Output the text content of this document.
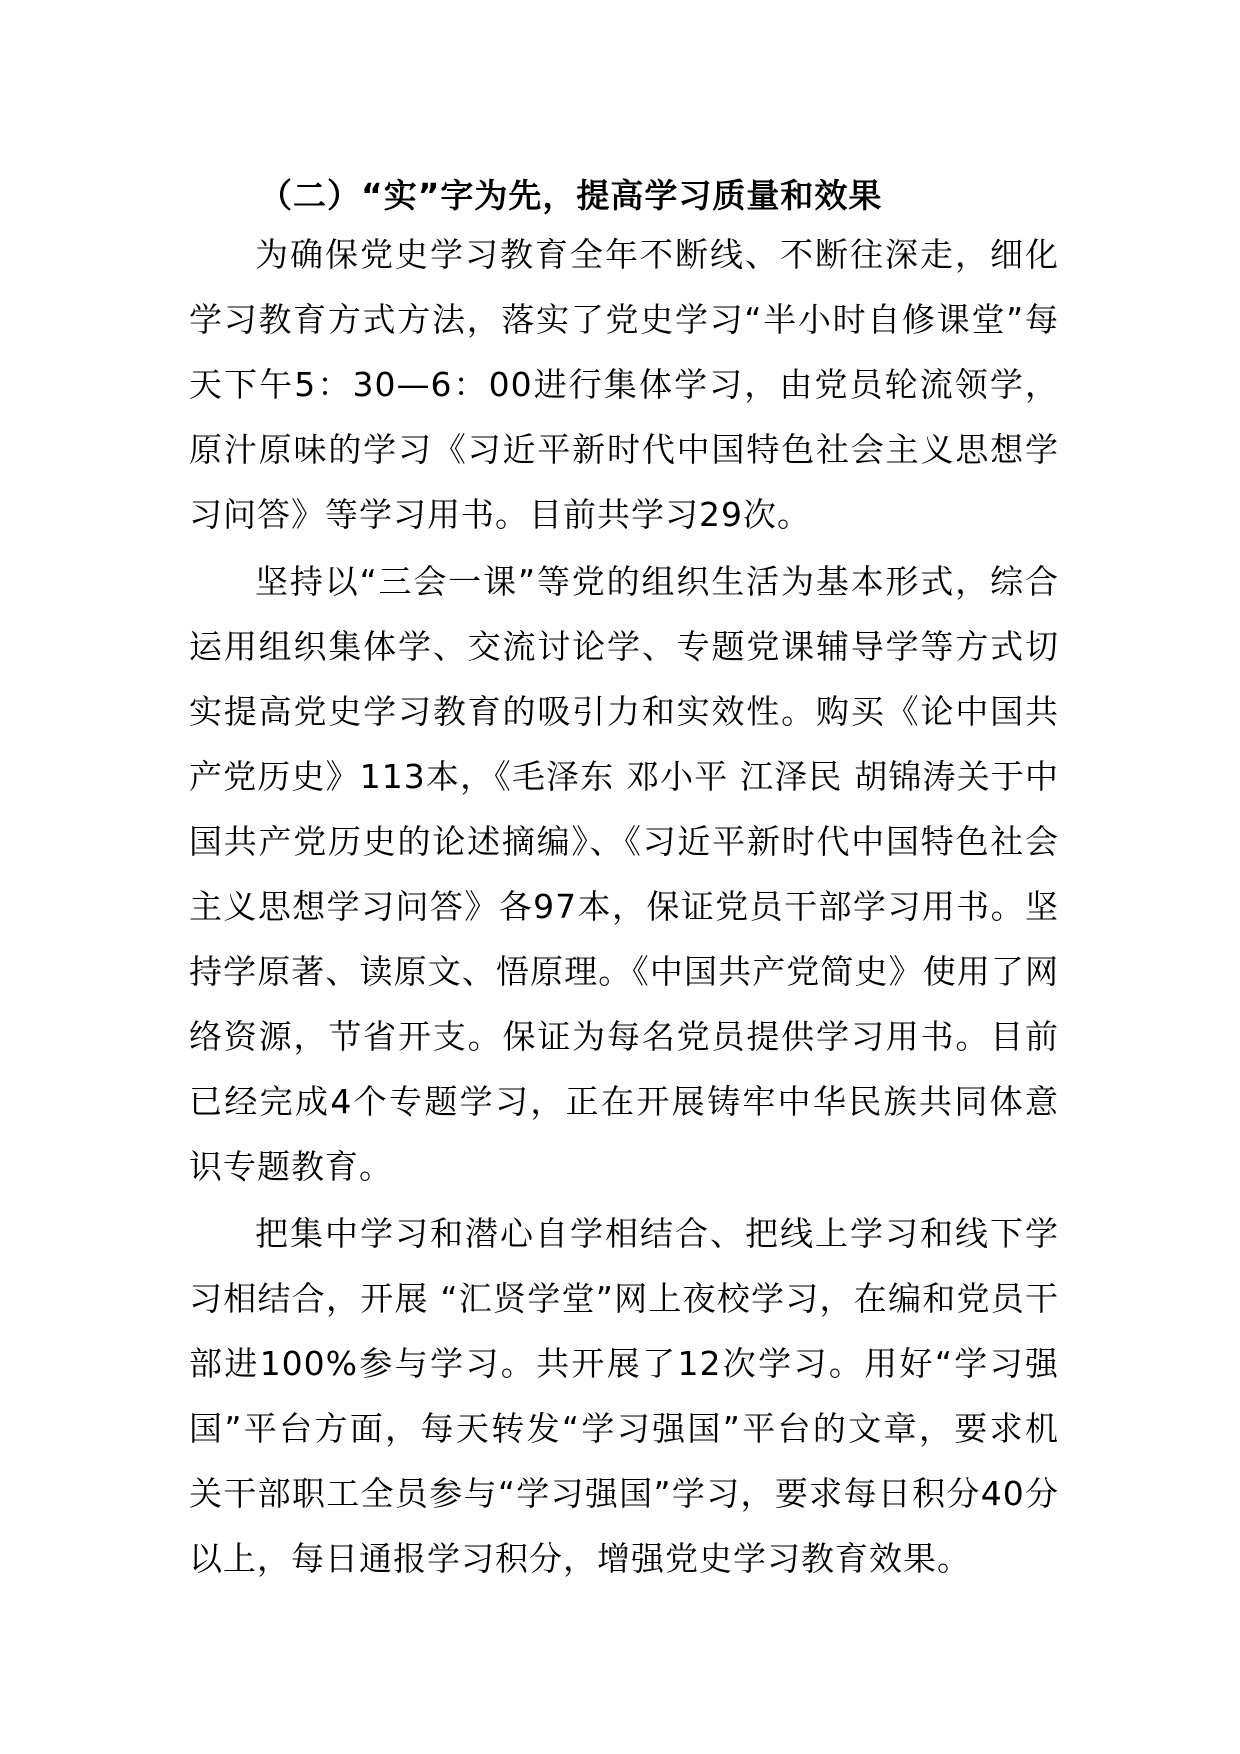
（二）“实”字为先，提高学习质量和效果

为确保党史学习教育全年不断线、不断往深走，细化学习教育方式方法，落实了党史学习“半小时自修课堂”每天下午5：30—6：00进行集体学习，由党员轮流领学，原汁原味的学习《习近平新时代中国特色社会主义思想学习问答》等学习用书。目前共学习29次。

坚持以“三会一课”等党的组织生活为基本形式，综合运用组织集体学、交流讨论学、专题党课辅导学等方式切实提高党史学习教育的吸引力和实效性。购买《论中国共产党历史》113本，《毛泽东 邓小平 江泽民 胡锦涛关于中国共产党历史的论述摘编》、《习近平新时代中国特色社会主义思想学习问答》各97本，保证党员干部学习用书。坚持学原著、读原文、悟原理。《中国共产党简史》使用了网络资源，节省开支。保证为每名党员提供学习用书。目前已经完成4个专题学习，正在开展铸牢中华民族共同体意识专题教育。

把集中学习和潜心自学相结合、把线上学习和线下学习相结合，开展 “汇贤学堂”网上夜校学习，在编和党员干部进100%参与学习。共开展了12次学习。用好“学习强国”平台方面，每天转发“学习强国”平台的文章，要求机关干部职工全员参与“学习强国”学习，要求每日积分40分以上，每日通报学习积分，增强党史学习教育效果。
